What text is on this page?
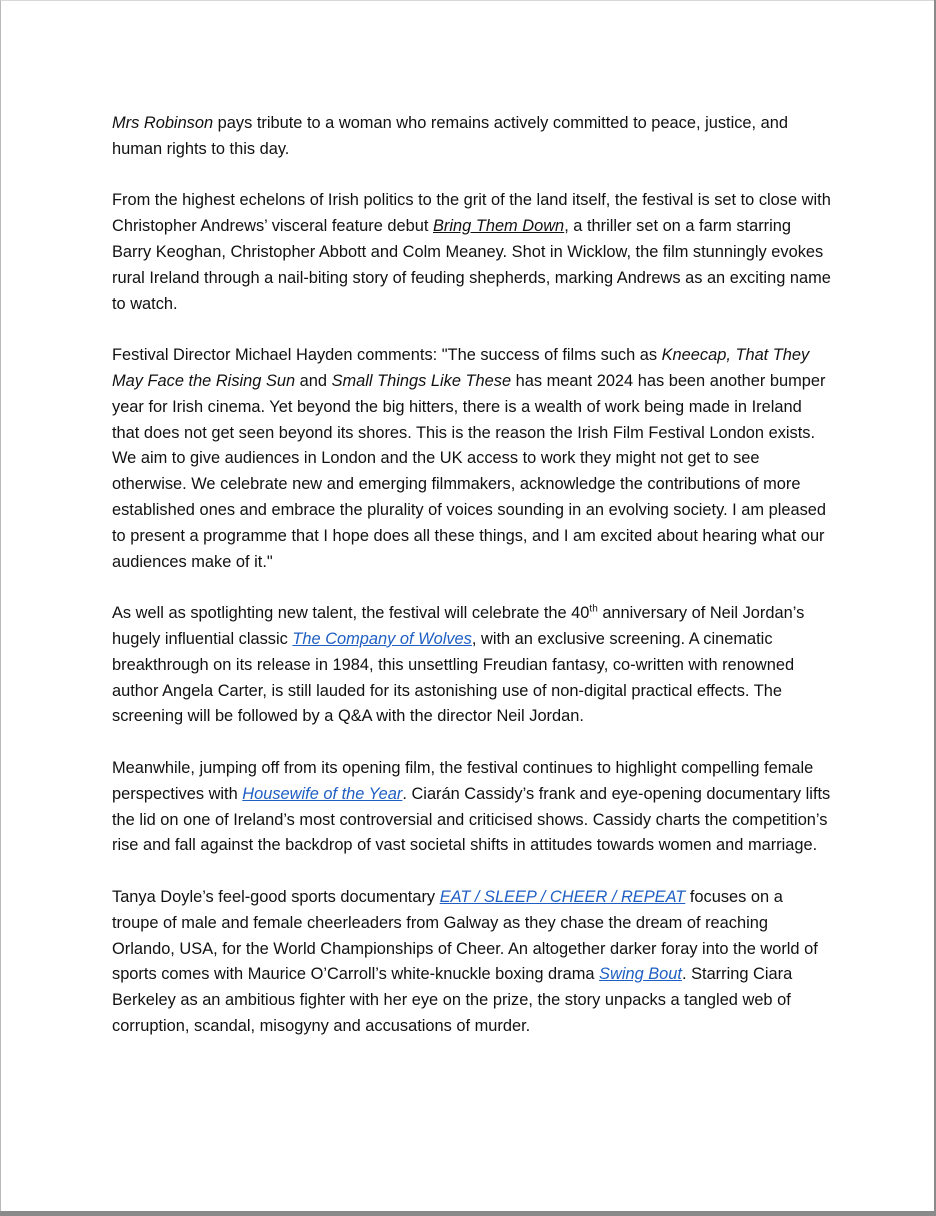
Mrs Robinson pays tribute to a woman who remains actively committed to peace, justice, and human rights to this day.

From the highest echelons of Irish politics to the grit of the land itself, the festival is set to close with Christopher Andrews’ visceral feature debut Bring Them Down, a thriller set on a farm starring Barry Keoghan, Christopher Abbott and Colm Meaney. Shot in Wicklow, the film stunningly evokes rural Ireland through a nail-biting story of feuding shepherds, marking Andrews as an exciting name to watch.

Festival Director Michael Hayden comments: "The success of films such as Kneecap, That They May Face the Rising Sun and Small Things Like These has meant 2024 has been another bumper year for Irish cinema. Yet beyond the big hitters, there is a wealth of work being made in Ireland that does not get seen beyond its shores. This is the reason the Irish Film Festival London exists. We aim to give audiences in London and the UK access to work they might not get to see otherwise. We celebrate new and emerging filmmakers, acknowledge the contributions of more established ones and embrace the plurality of voices sounding in an evolving society. I am pleased to present a programme that I hope does all these things, and I am excited about hearing what our audiences make of it."

As well as spotlighting new talent, the festival will celebrate the 40th anniversary of Neil Jordan’s hugely influential classic The Company of Wolves, with an exclusive screening. A cinematic breakthrough on its release in 1984, this unsettling Freudian fantasy, co-written with renowned author Angela Carter, is still lauded for its astonishing use of non-digital practical effects. The screening will be followed by a Q&A with the director Neil Jordan.

Meanwhile, jumping off from its opening film, the festival continues to highlight compelling female perspectives with Housewife of the Year. Ciarán Cassidy’s frank and eye-opening documentary lifts the lid on one of Ireland’s most controversial and criticised shows. Cassidy charts the competition’s rise and fall against the backdrop of vast societal shifts in attitudes towards women and marriage.

Tanya Doyle’s feel-good sports documentary EAT / SLEEP / CHEER / REPEAT focuses on a troupe of male and female cheerleaders from Galway as they chase the dream of reaching Orlando, USA, for the World Championships of Cheer. An altogether darker foray into the world of sports comes with Maurice O’Carroll’s white-knuckle boxing drama Swing Bout. Starring Ciara Berkeley as an ambitious fighter with her eye on the prize, the story unpacks a tangled web of corruption, scandal, misogyny and accusations of murder.
